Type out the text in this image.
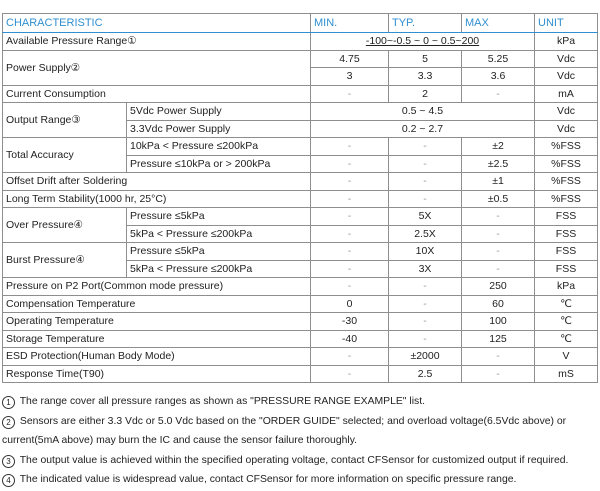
CHARACTERISTIC		MIN.	TYP.	MAX	UNIT
Available Pressure Range①		-100~-0.5 ~ 0 ~ 0.5~200			kPa
Power Supply②		4.75	5	5.25	Vdc
		3	3.3	3.6	Vdc
Current Consumption		-	2	-	mA
Output Range③	5Vdc Power Supply	0.5 ~ 4.5			Vdc
	3.3Vdc Power Supply	0.2 ~ 2.7			Vdc
Total Accuracy	10kPa < Pressure ≤200kPa	-	-	±2	%FSS
	Pressure ≤10kPa or > 200kPa	-	-	±2.5	%FSS
Offset Drift after Soldering		-	-	±1	%FSS
Long Term Stability(1000 hr, 25°C)		-	-	±0.5	%FSS
Over Pressure④	Pressure ≤5kPa	-	5X	-	FSS
	5kPa < Pressure ≤200kPa	-	2.5X	-	FSS
Burst Pressure④	Pressure ≤5kPa	-	10X	-	FSS
	5kPa < Pressure ≤200kPa	-	3X	-	FSS
Pressure on P2 Port(Common mode pressure)		-	-	250	kPa
Compensation Temperature		0	-	60	℃
Operating Temperature		-30	-	100	℃
Storage Temperature		-40	-	125	℃
ESD Protection(Human Body Mode)		-	±2000	-	V
Response Time(T90)		-	2.5	-	mS

1 The range cover all pressure ranges as shown as "PRESSURE RANGE EXAMPLE" list.

2 Sensors are either 3.3 Vdc or 5.0 Vdc based on the "ORDER GUIDE" selected; and overload voltage(6.5Vdc above) or current(5mA above) may burn the IC and cause the sensor failure thoroughly.

3 The output value is achieved within the specified operating voltage, contact CFSensor for customized output if required.

4 The indicated value is widespread value, contact CFSensor for more information on specific pressure range.
